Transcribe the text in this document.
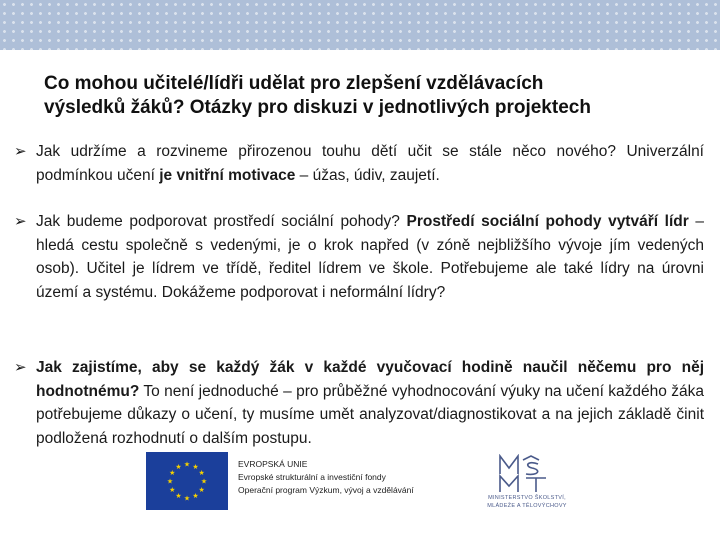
Co mohou učitelé/lídři udělat pro zlepšení vzdělávacích
výsledků žáků? Otázky pro diskuzi v jednotlivých projektech
➢ Jak udržíme a rozvineme přirozenou touhu dětí učit se stále něco nového? Univerzální podmínkou učení je vnitřní motivace – úžas, údiv, zaujetí.
➢ Jak budeme podporovat prostředí sociální pohody? Prostředí sociální pohody vytváří lídr – hledá cestu společně s vedenými, je o krok napřed (v zóně nejbližšího vývoje jím vedených osob). Učitel je lídrem ve třídě, ředitel lídrem ve škole. Potřebujeme ale také lídry na úrovni území a systému. Dokážeme podporovat i neformální lídry?
➢ Jak zajistíme, aby se každý žák v každé vyučovací hodině naučil něčemu pro něj hodnotnému? To není jednoduché – pro průběžné vyhodnocování výuky na učení každého žáka potřebujeme důkazy o učení, ty musíme umět analyzovat/diagnostikovat a na jejich základě činit podložená rozhodnutí o dalším postupu.
★ ★
★
★
★
★
★
★
★
★
★
★	EVROPSKÁ UNIE
Evropské strukturální a investiční fondy
Operační program Výzkum, vývoj a vzdělávání
MINISTERSTVO ŠKOLSTVÍ,
MLÁDEŽE A TĚLOVÝCHOVY
